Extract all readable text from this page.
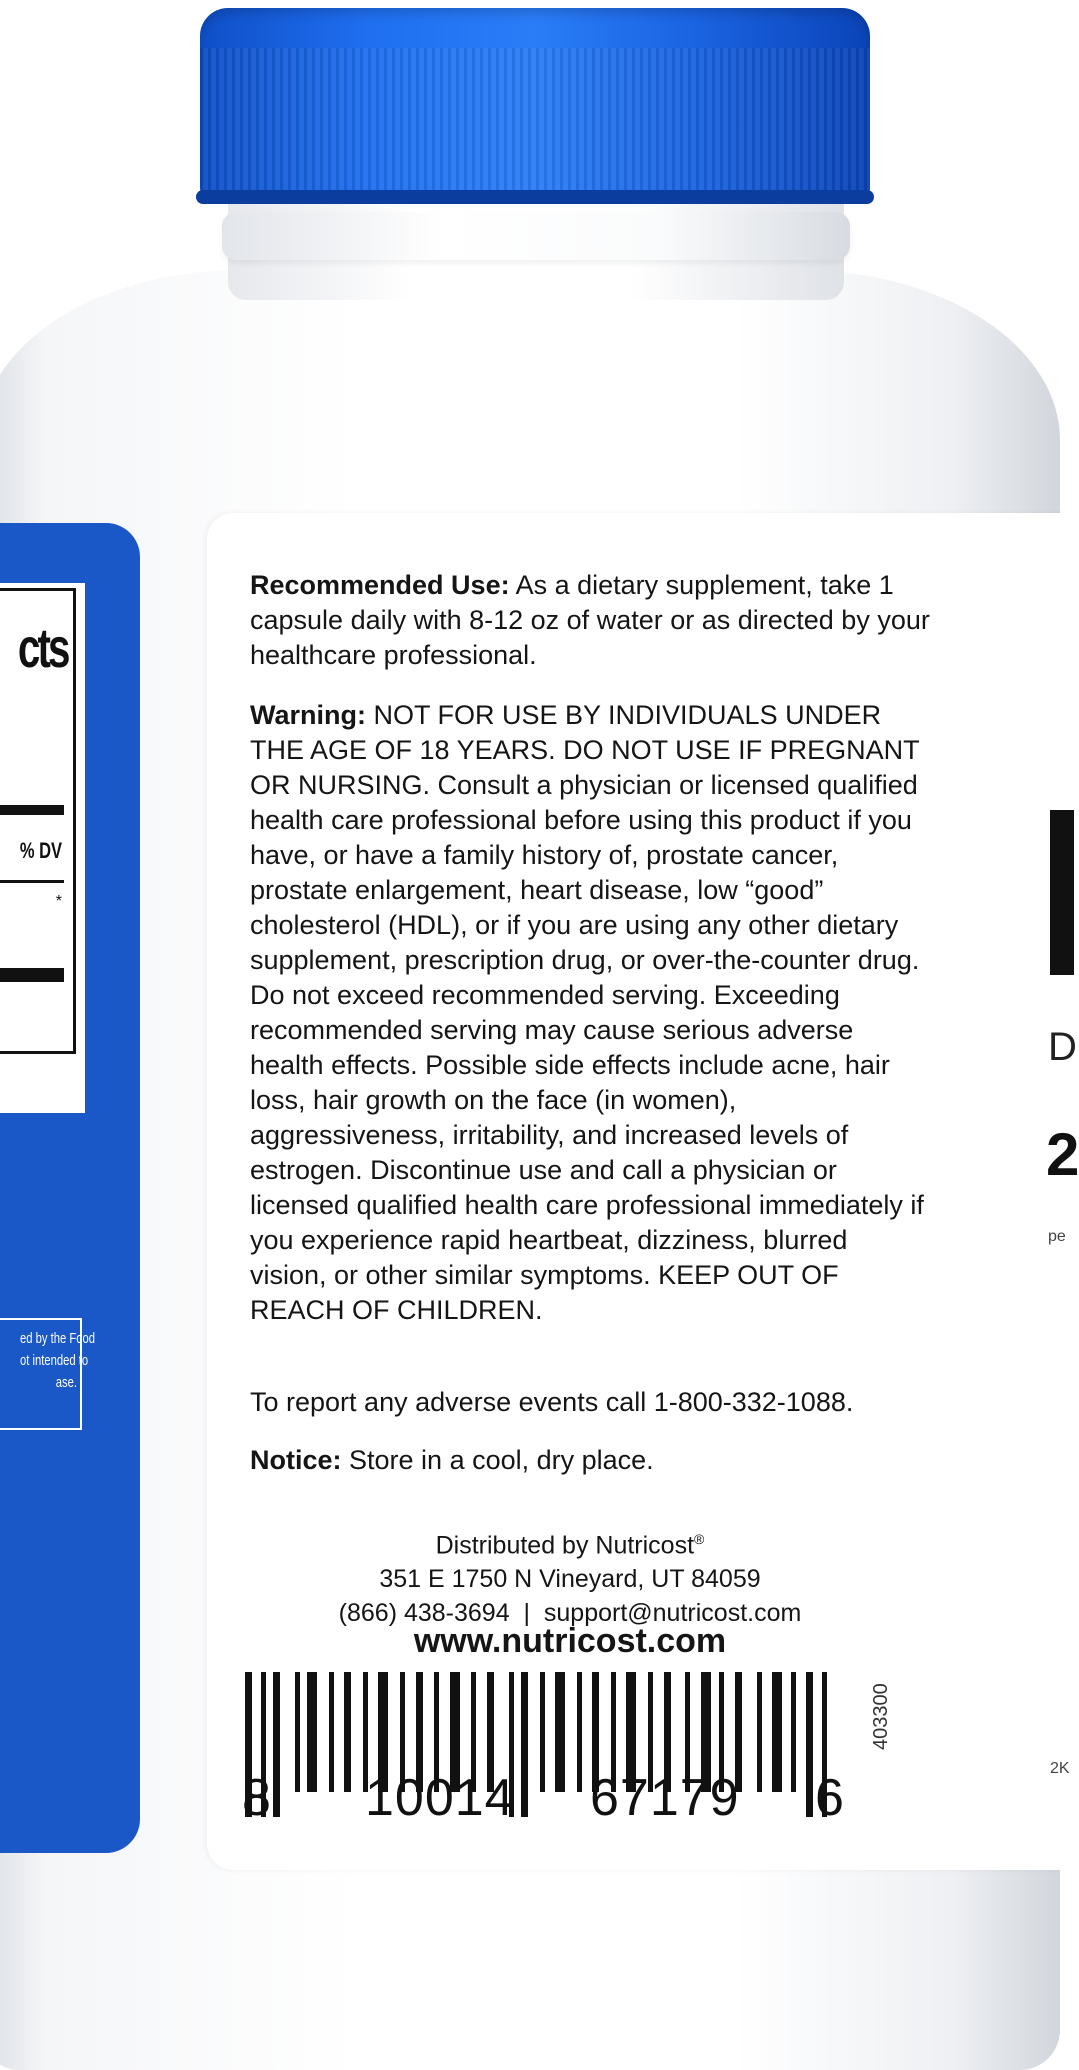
cts
% DV
*
ed by the Food
ot intended to
ase.
Recommended Use: As a dietary supplement, take 1 capsule daily with 8-12 oz of water or as directed by your healthcare professional.
Warning: NOT FOR USE BY INDIVIDUALS UNDER THE AGE OF 18 YEARS. DO NOT USE IF PREGNANT OR NURSING. Consult a physician or licensed qualified health care professional before using this product if you have, or have a family history of, prostate cancer, prostate enlargement, heart disease, low “good” cholesterol (HDL), or if you are using any other dietary supplement, prescription drug, or over-the-counter drug. Do not exceed recommended serving. Exceeding recommended serving may cause serious adverse health effects. Possible side effects include acne, hair loss, hair growth on the face (in women), aggressiveness, irritability, and increased levels of estrogen. Discontinue use and call a physician or licensed qualified health care professional immediately if you experience rapid heartbeat, dizziness, blurred vision, or other similar symptoms. KEEP OUT OF REACH OF CHILDREN.
To report any adverse events call 1-800-332-1088.
Notice: Store in a cool, dry place.
Distributed by Nutricost®
351 E 1750 N Vineyard, UT 84059
(866) 438-3694  |  support@nutricost.com
www.nutricost.com
8 10014 67179 6
403300
D
2
pe
2K
